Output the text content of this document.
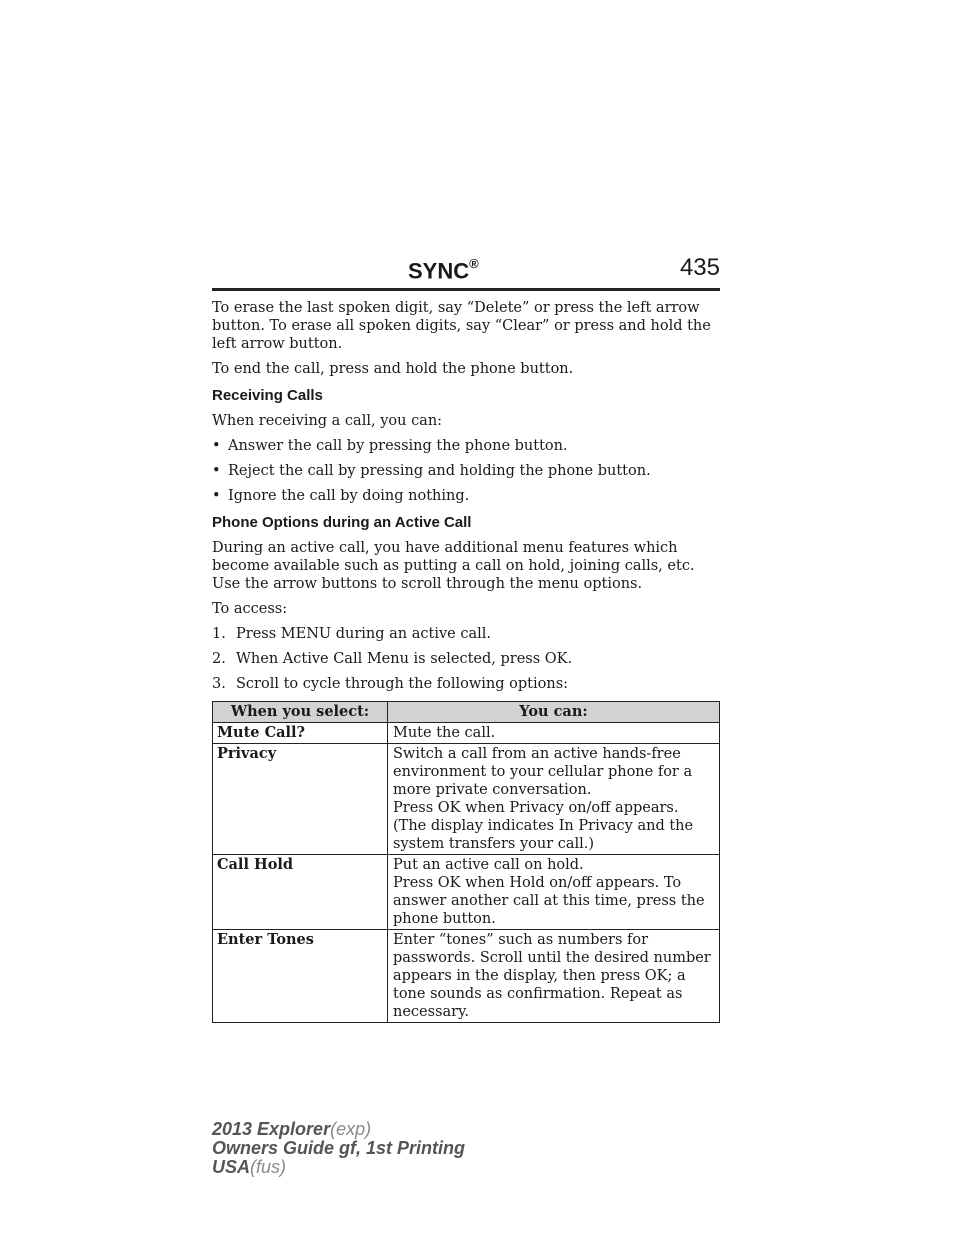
SYNC®	435

To erase the last spoken digit, say “Delete” or press the left arrow button. To erase all spoken digits, say “Clear” or press and hold the left arrow button.

To end the call, press and hold the phone button.

Receiving Calls

When receiving a call, you can:

• Answer the call by pressing the phone button.
• Reject the call by pressing and holding the phone button.
• Ignore the call by doing nothing.
Phone Options during an Active Call

During an active call, you have additional menu features which become available such as putting a call on hold, joining calls, etc. Use the arrow buttons to scroll through the menu options.

To access:

1. Press MENU during an active call.
2. When Active Call Menu is selected, press OK.
3. Scroll to cycle through the following options:
When you select:	You can:
Mute Call?	Mute the call.

Privacy	Switch a call from an active hands-free environment to your cellular phone for a more private conversation.
Press OK when Privacy on/off appears. (The display indicates In Privacy and the system transfers your call.)

Call Hold	Put an active call on hold.
Press OK when Hold on/off appears. To answer another call at this time, press the phone button.

Enter Tones	Enter “tones” such as numbers for passwords. Scroll until the desired number appears in the display, then press OK; a tone sounds as confirmation. Repeat as necessary.
2013 Explorer(exp)
Owners Guide gf, 1st Printing
USA(fus)
